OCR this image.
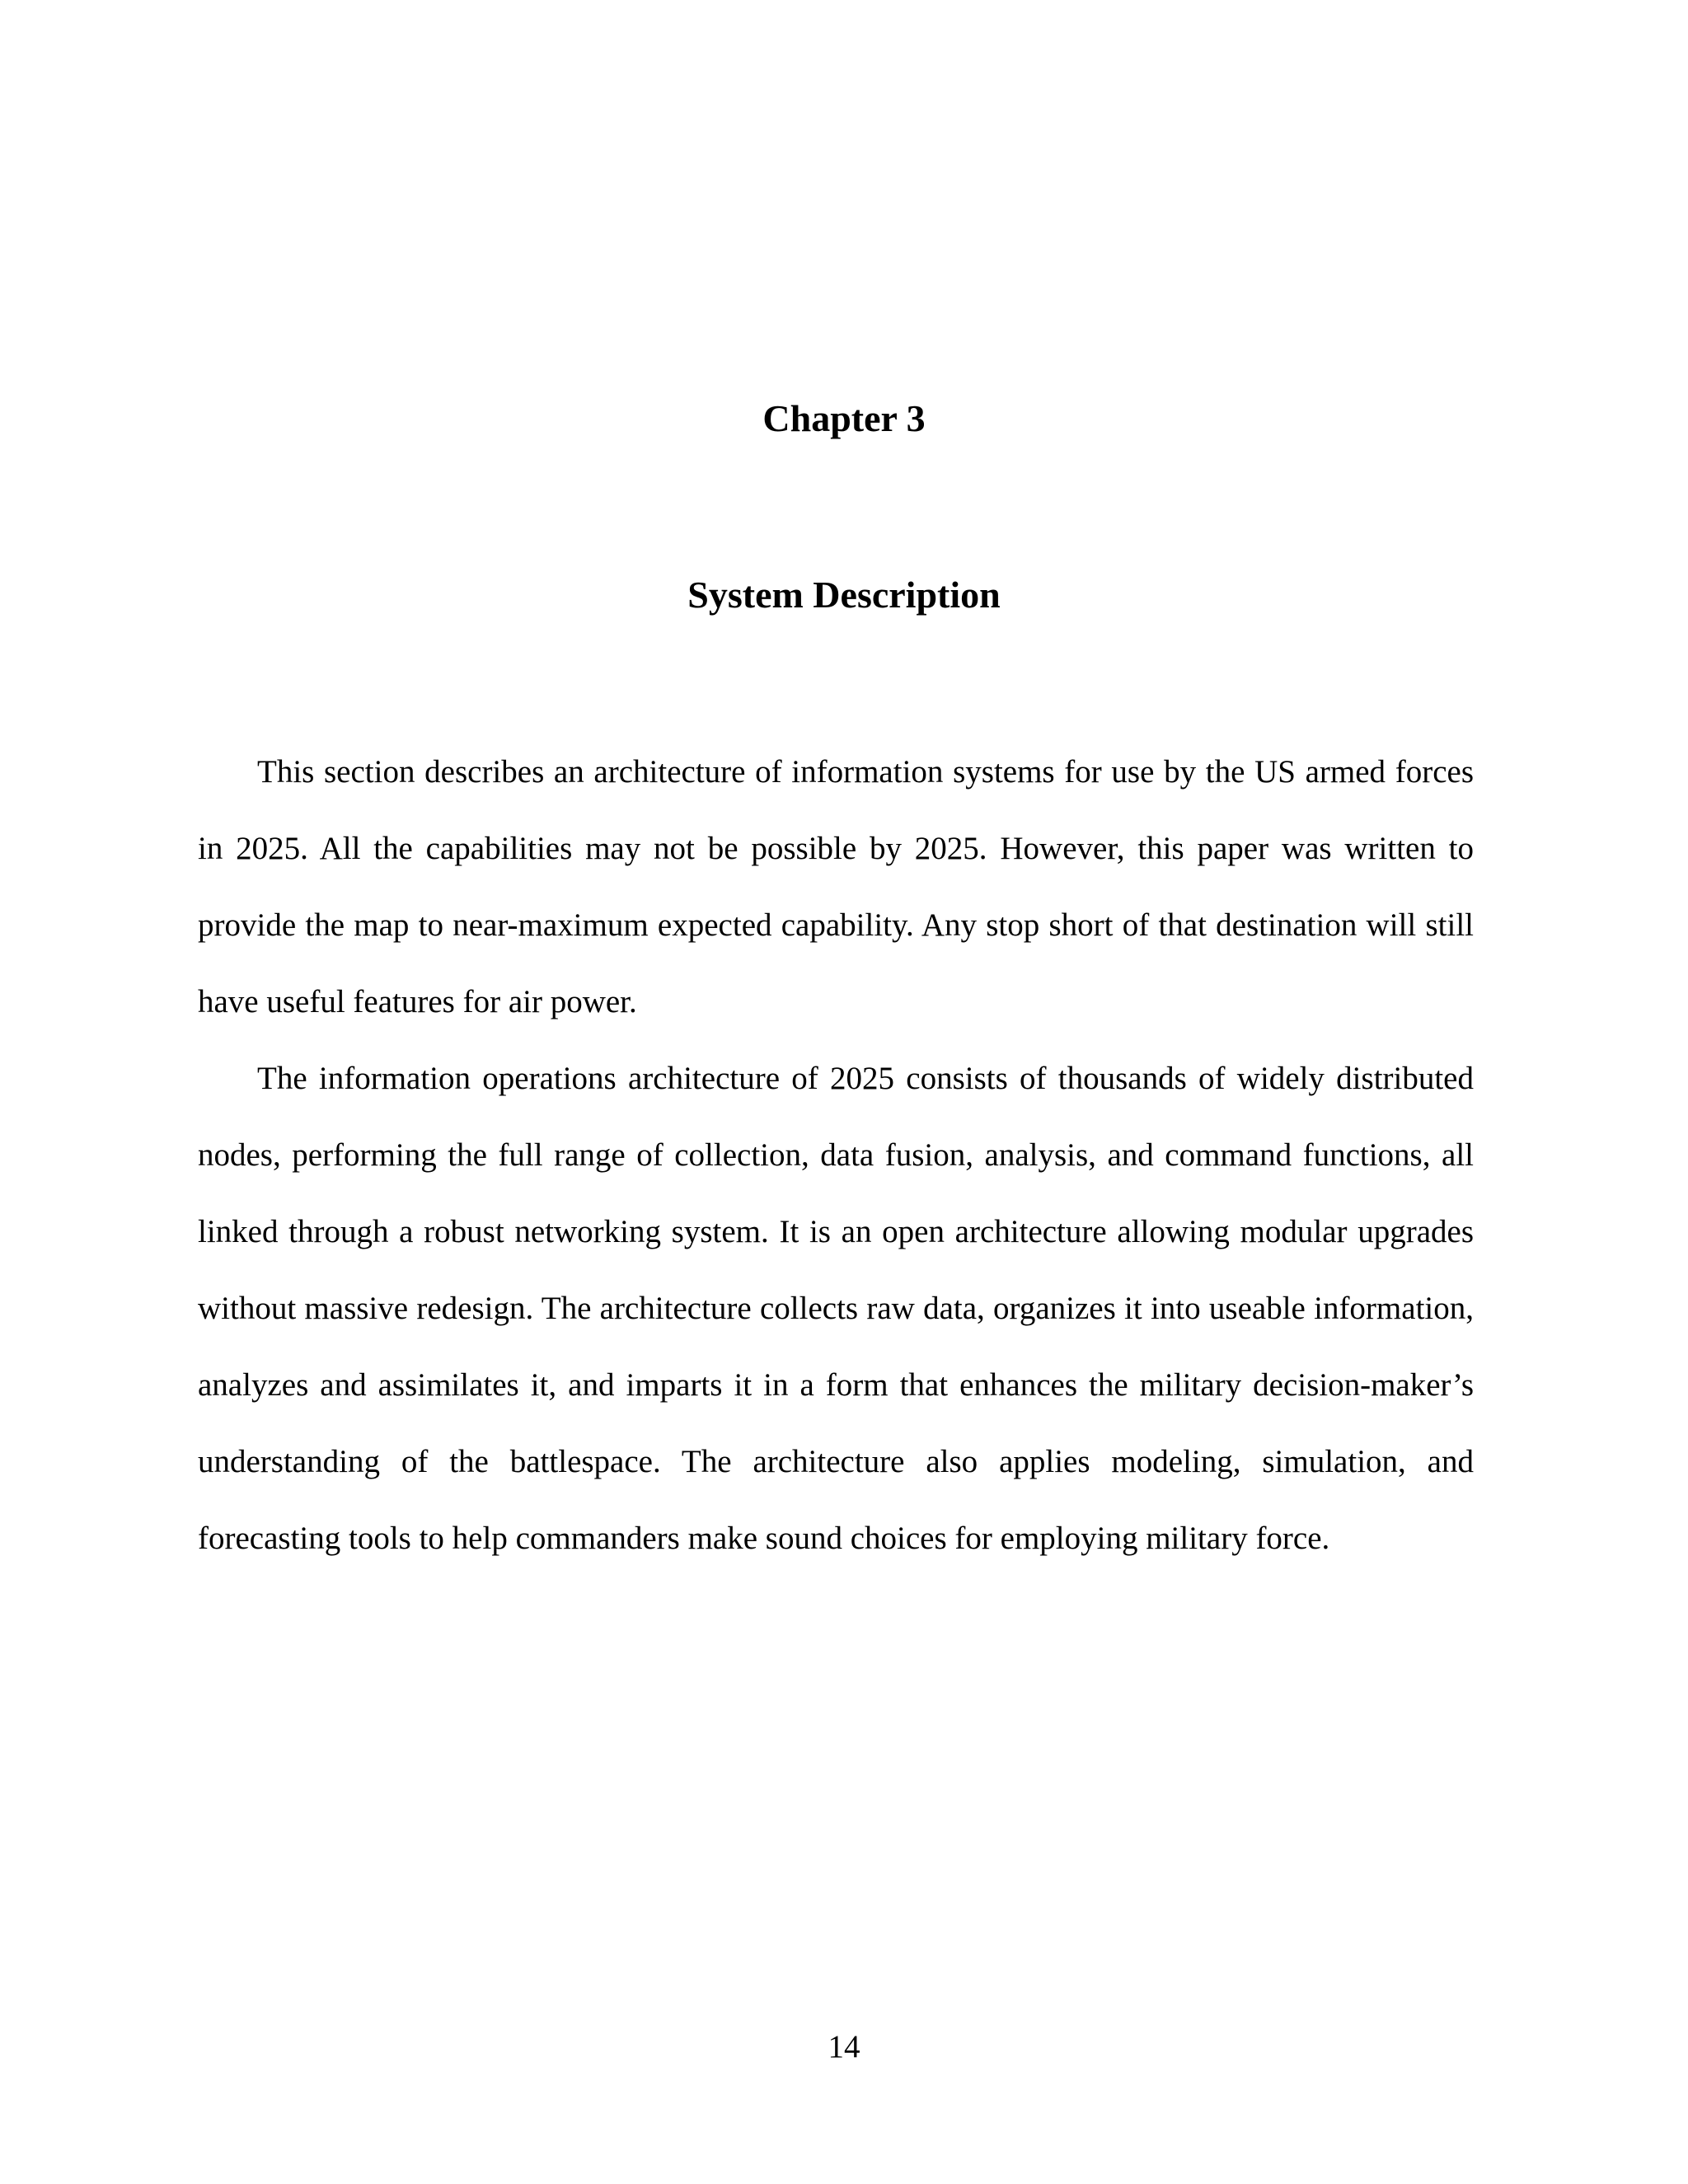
Chapter 3
System Description

This section describes an architecture of information systems for use by the US armed forces in 2025. All the capabilities may not be possible by 2025. However, this paper was written to provide the map to near-maximum expected capability. Any stop short of that destination will still have useful features for air power.

The information operations architecture of 2025 consists of thousands of widely distributed nodes, performing the full range of collection, data fusion, analysis, and command functions, all linked through a robust networking system. It is an open architecture allowing modular upgrades without massive redesign. The architecture collects raw data, organizes it into useable information, analyzes and assimilates it, and imparts it in a form that enhances the military decision-maker’s understanding of the battlespace. The architecture also applies modeling, simulation, and forecasting tools to help commanders make sound choices for employing military force.

14
